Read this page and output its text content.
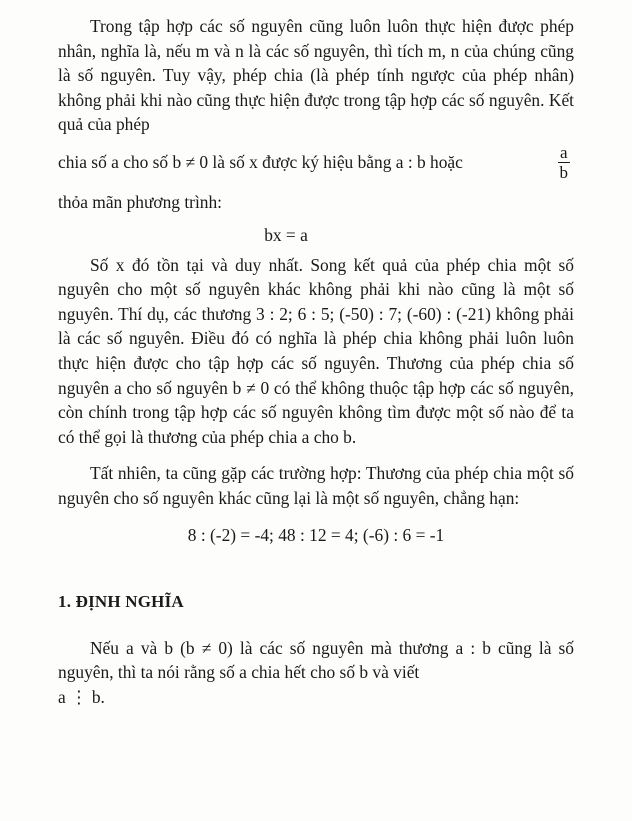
Trong tập hợp các số nguyên cũng luôn luôn thực hiện được phép nhân, nghĩa là, nếu m và n là các số nguyên, thì tích m, n của chúng cũng là số nguyên. Tuy vậy, phép chia (là phép tính ngược của phép nhân) không phải khi nào cũng thực hiện được trong tập hợp các số nguyên. Kết quả của phép

chia số a cho số b ≠ 0 là số x được ký hiệu bằng a : b hoặc	$\frac{a}{b}$

thỏa mãn phương trình:

bx = a

Số x đó tồn tại và duy nhất. Song kết quả của phép chia một số nguyên cho một số nguyên khác không phải khi nào cũng là một số nguyên. Thí dụ, các thương 3 : 2; 6 : 5; (-50) : 7; (-60) : (-21) không phải là các số nguyên. Điều đó có nghĩa là phép chia không phải luôn luôn thực hiện được cho tập hợp các số nguyên. Thương của phép chia số nguyên a cho số nguyên b ≠ 0 có thể không thuộc tập hợp các số nguyên, còn chính trong tập hợp các số nguyên không tìm được một số nào để ta có thể gọi là thương của phép chia a cho b.

Tất nhiên, ta cũng gặp các trường hợp: Thương của phép chia một số nguyên cho số nguyên khác cũng lại là một số nguyên, chẳng hạn:

8 : (-2) = -4; 48 : 12 = 4; (-6) : 6 = -1
1. ĐỊNH NGHĨA

Nếu a và b (b ≠ 0) là các số nguyên mà thương a : b cũng là số nguyên, thì ta nói rằng số a chia hết cho số b và viết

a ⋮ b.
